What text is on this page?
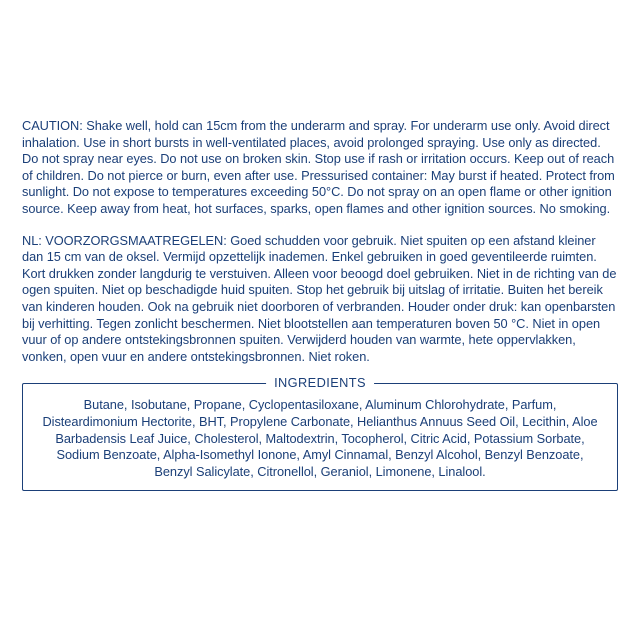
CAUTION: Shake well, hold can 15cm from the underarm and spray. For underarm use only. Avoid direct inhalation. Use in short bursts in well-ventilated places, avoid prolonged spraying. Use only as directed. Do not spray near eyes. Do not use on broken skin. Stop use if rash or irritation occurs. Keep out of reach of children. Do not pierce or burn, even after use. Pressurised container: May burst if heated. Protect from sunlight. Do not expose to temperatures exceeding 50°C. Do not spray on an open flame or other ignition source. Keep away from heat, hot surfaces, sparks, open flames and other ignition sources. No smoking.

NL: VOORZORGSMAATREGELEN: Goed schudden voor gebruik. Niet spuiten op een afstand kleiner dan 15 cm van de oksel. Vermijd opzettelijk inademen. Enkel gebruiken in goed geventileerde ruimten. Kort drukken zonder langdurig te verstuiven. Alleen voor beoogd doel gebruiken. Niet in de richting van de ogen spuiten. Niet op beschadigde huid spuiten. Stop het gebruik bij uitslag of irritatie. Buiten het bereik van kinderen houden. Ook na gebruik niet doorboren of verbranden. Houder onder druk: kan openbarsten bij verhitting. Tegen zonlicht beschermen. Niet blootstellen aan temperaturen boven 50 °C. Niet in open vuur of op andere ontstekingsbronnen spuiten. Verwijderd houden van warmte, hete oppervlakken, vonken, open vuur en andere ontstekingsbronnen. Niet roken.

INGREDIENTS
Butane, Isobutane, Propane, Cyclopentasiloxane, Aluminum Chlorohydrate, Parfum, Disteardimonium Hectorite, BHT, Propylene Carbonate, Helianthus Annuus Seed Oil, Lecithin, Aloe Barbadensis Leaf Juice, Cholesterol, Maltodextrin, Tocopherol, Citric Acid, Potassium Sorbate, Sodium Benzoate, Alpha-Isomethyl Ionone, Amyl Cinnamal, Benzyl Alcohol, Benzyl Benzoate, Benzyl Salicylate, Citronellol, Geraniol, Limonene, Linalool.
